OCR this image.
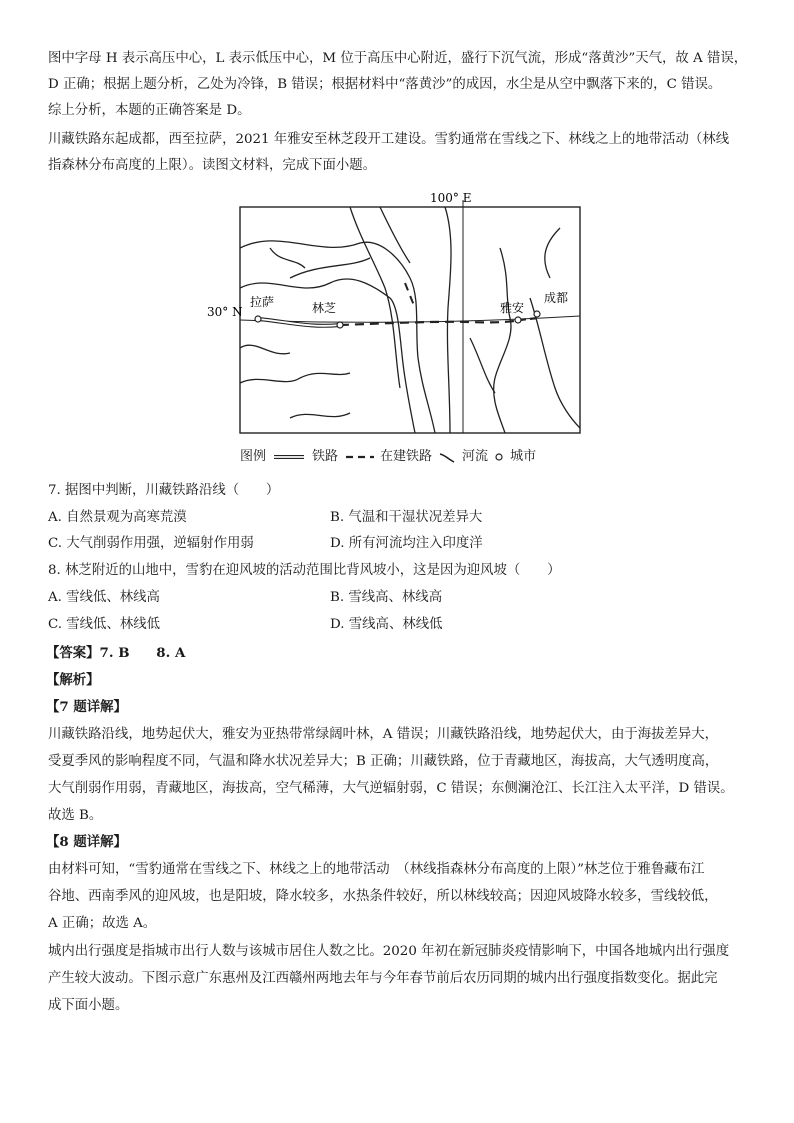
图中字母 H 表示高压中心，L 表示低压中心，M 位于高压中心附近，盛行下沉气流，形成“落黄沙”天气，故 A 错误，
D 正确；根据上题分析，乙处为冷锋，B 错误；根据材料中“落黄沙”的成因，水尘是从空中飘落下来的，C 错误。
综上分析，本题的正确答案是 D。
川藏铁路东起成都，西至拉萨，2021 年雅安至林芝段开工建设。雪豹通常在雪线之下、林线之上的地带活动（林线
指森林分布高度的上限）。读图文材料，完成下面小题。
100° E
30° N
拉萨	林芝	雅安
成都
图例	铁路	在建铁路 河流 城市
7. 据图中判断，川藏铁路沿线（　　）
A. 自然景观为高寒荒漠	B. 气温和干湿状况差异大
C. 大气削弱作用强，逆辐射作用弱	D. 所有河流均注入印度洋
8. 林芝附近的山地中，雪豹在迎风坡的活动范围比背风坡小，这是因为迎风坡（　　）
A. 雪线低、林线高	B. 雪线高、林线高
C. 雪线低、林线低	D. 雪线高、林线低
【答案】7. B　　8. A
【解析】
【7 题详解】
川藏铁路沿线，地势起伏大，雅安为亚热带常绿阔叶林，A 错误；川藏铁路沿线，地势起伏大，由于海拔差异大，
受夏季风的影响程度不同，气温和降水状况差异大；B 正确；川藏铁路，位于青藏地区，海拔高，大气透明度高，
大气削弱作用弱，青藏地区，海拔高，空气稀薄，大气逆辐射弱，C 错误；东侧澜沧江、长江注入太平洋，D 错误。
故选 B。
【8 题详解】
由材料可知，“雪豹通常在雪线之下、林线之上的地带活动　（林线指森林分布高度的上限）”林芝位于雅鲁藏布江
谷地、西南季风的迎风坡，也是阳坡，降水较多，水热条件较好，所以林线较高；因迎风坡降水较多，雪线较低，
A 正确；故选 A。
城内出行强度是指城市出行人数与该城市居住人数之比。2020 年初在新冠肺炎疫情影响下，中国各地城内出行强度
产生较大波动。下图示意广东惠州及江西赣州两地去年与今年春节前后农历同期的城内出行强度指数变化。据此完
成下面小题。
